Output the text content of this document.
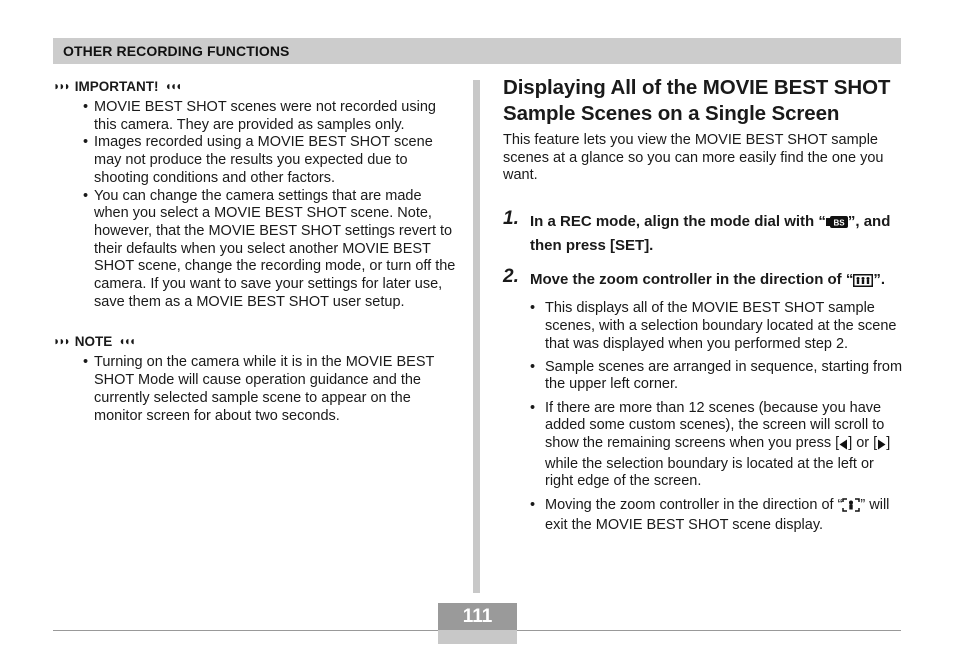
OTHER RECORDING FUNCTIONS
◗◗◗ IMPORTANT! ◖◖◖
• MOVIE BEST SHOT scenes were not recorded using this camera. They are provided as samples only.
• Images recorded using a MOVIE BEST SHOT scene may not produce the results you expected due to shooting conditions and other factors.
• You can change the camera settings that are made when you select a MOVIE BEST SHOT scene. Note, however, that the MOVIE BEST SHOT settings revert to their defaults when you select another MOVIE BEST SHOT scene, change the recording mode, or turn off the camera. If you want to save your settings for later use, save them as a MOVIE BEST SHOT user setup.
◗◗◗ NOTE ◖◖◖
• Turning on the camera while it is in the MOVIE BEST SHOT Mode will cause operation guidance and the currently selected sample scene to appear on the monitor screen for about two seconds.
Displaying All of the MOVIE BEST SHOT Sample Scenes on a Single Screen

This feature lets you view the MOVIE BEST SHOT sample scenes at a glance so you can more easily find the one you want.

1. In a REC mode, align the mode dial with “ BS ”, and then press [SET].
2. Move the zoom controller in the direction of “ ”.
• This displays all of the MOVIE BEST SHOT sample scenes, with a selection boundary located at the scene that was displayed when you performed step 2.
• Sample scenes are arranged in sequence, starting from the upper left corner.
• If there are more than 12 scenes (because you have added some custom scenes), the screen will scroll to show the remaining screens when you press [ ] or [ ] while the selection boundary is located at the left or right edge of the screen.
• Moving the zoom controller in the direction of “ ” will exit the MOVIE BEST SHOT scene display.
111
